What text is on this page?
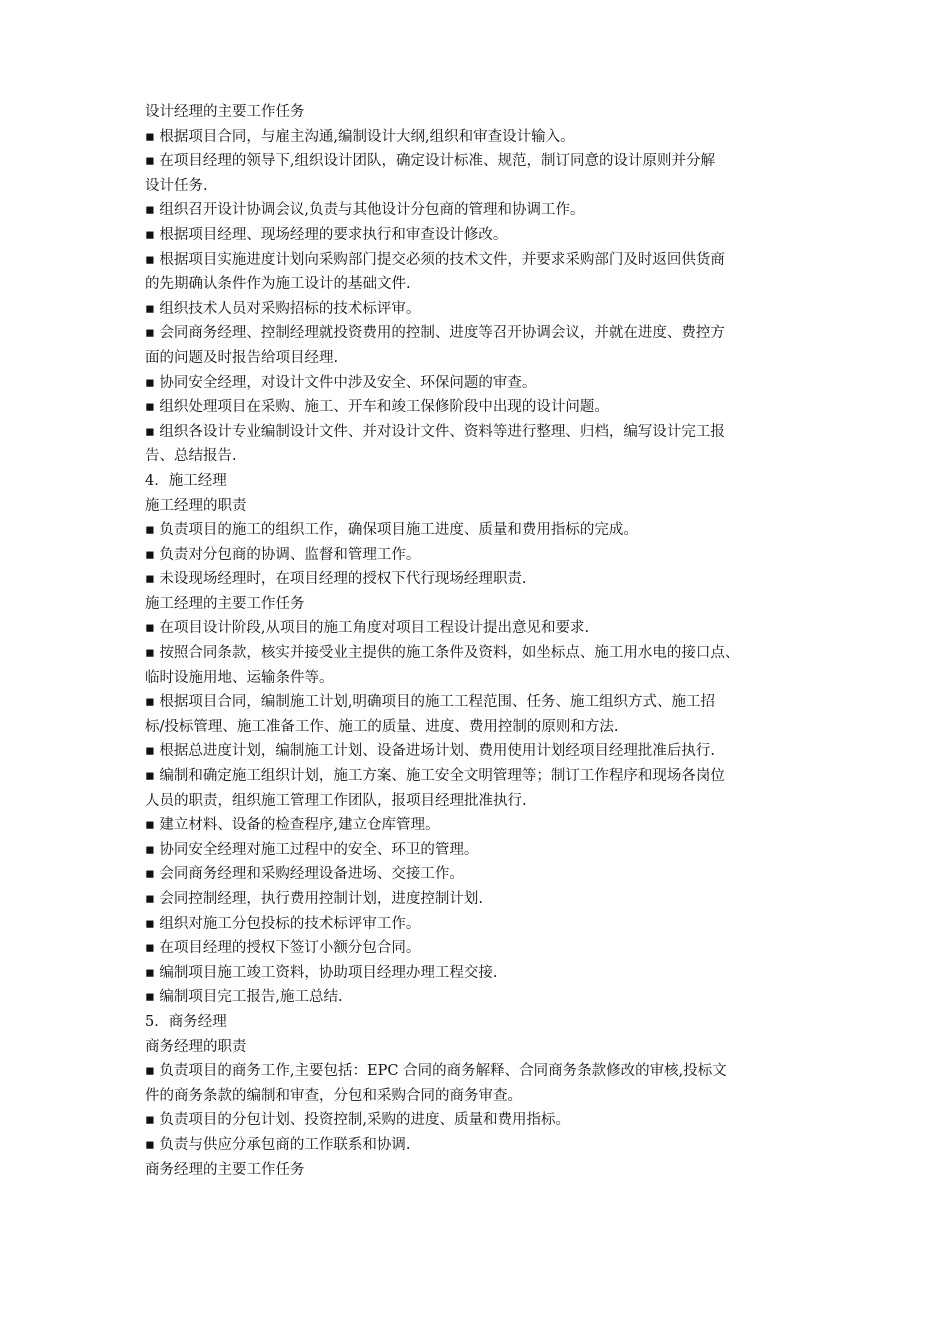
设计经理的主要工作任务

▪ 根据项目合同，与雇主沟通,编制设计大纲,组织和审查设计输入。

▪ 在项目经理的领导下,组织设计团队，确定设计标准、规范，制订同意的设计原则并分解

设计任务.

▪ 组织召开设计协调会议,负责与其他设计分包商的管理和协调工作。

▪ 根据项目经理、现场经理的要求执行和审查设计修改。

▪ 根据项目实施进度计划向采购部门提交必须的技术文件，并要求采购部门及时返回供货商

的先期确认条件作为施工设计的基础文件.

▪ 组织技术人员对采购招标的技术标评审。

▪ 会同商务经理、控制经理就投资费用的控制、进度等召开协调会议，并就在进度、费控方

面的问题及时报告给项目经理.

▪ 协同安全经理，对设计文件中涉及安全、环保问题的审查。

▪ 组织处理项目在采购、施工、开车和竣工保修阶段中出现的设计问题。

▪ 组织各设计专业编制设计文件、并对设计文件、资料等进行整理、归档，编写设计完工报

告、总结报告.

4．施工经理

施工经理的职责

▪ 负责项目的施工的组织工作，确保项目施工进度、质量和费用指标的完成。

▪ 负责对分包商的协调、监督和管理工作。

▪ 未设现场经理时，在项目经理的授权下代行现场经理职责.

施工经理的主要工作任务

▪ 在项目设计阶段,从项目的施工角度对项目工程设计提出意见和要求.

▪ 按照合同条款，核实并接受业主提供的施工条件及资料，如坐标点、施工用水电的接口点、

临时设施用地、运输条件等。

▪ 根据项目合同，编制施工计划,明确项目的施工工程范围、任务、施工组织方式、施工招

标/投标管理、施工准备工作、施工的质量、进度、费用控制的原则和方法.

▪ 根据总进度计划，编制施工计划、设备进场计划、费用使用计划经项目经理批准后执行.

▪ 编制和确定施工组织计划，施工方案、施工安全文明管理等；制订工作程序和现场各岗位

人员的职责，组织施工管理工作团队，报项目经理批准执行.

▪ 建立材料、设备的检查程序,建立仓库管理。

▪ 协同安全经理对施工过程中的安全、环卫的管理。

▪ 会同商务经理和采购经理设备进场、交接工作。

▪ 会同控制经理，执行费用控制计划，进度控制计划.

▪ 组织对施工分包投标的技术标评审工作。

▪ 在项目经理的授权下签订小额分包合同。

▪ 编制项目施工竣工资料，协助项目经理办理工程交接.

▪ 编制项目完工报告,施工总结.

5．商务经理

商务经理的职责

▪ 负责项目的商务工作,主要包括：EPC 合同的商务解释、合同商务条款修改的审核,投标文

件的商务条款的编制和审查，分包和采购合同的商务审查。

▪ 负责项目的分包计划、投资控制,采购的进度、质量和费用指标。

▪ 负责与供应分承包商的工作联系和协调.

商务经理的主要工作任务
